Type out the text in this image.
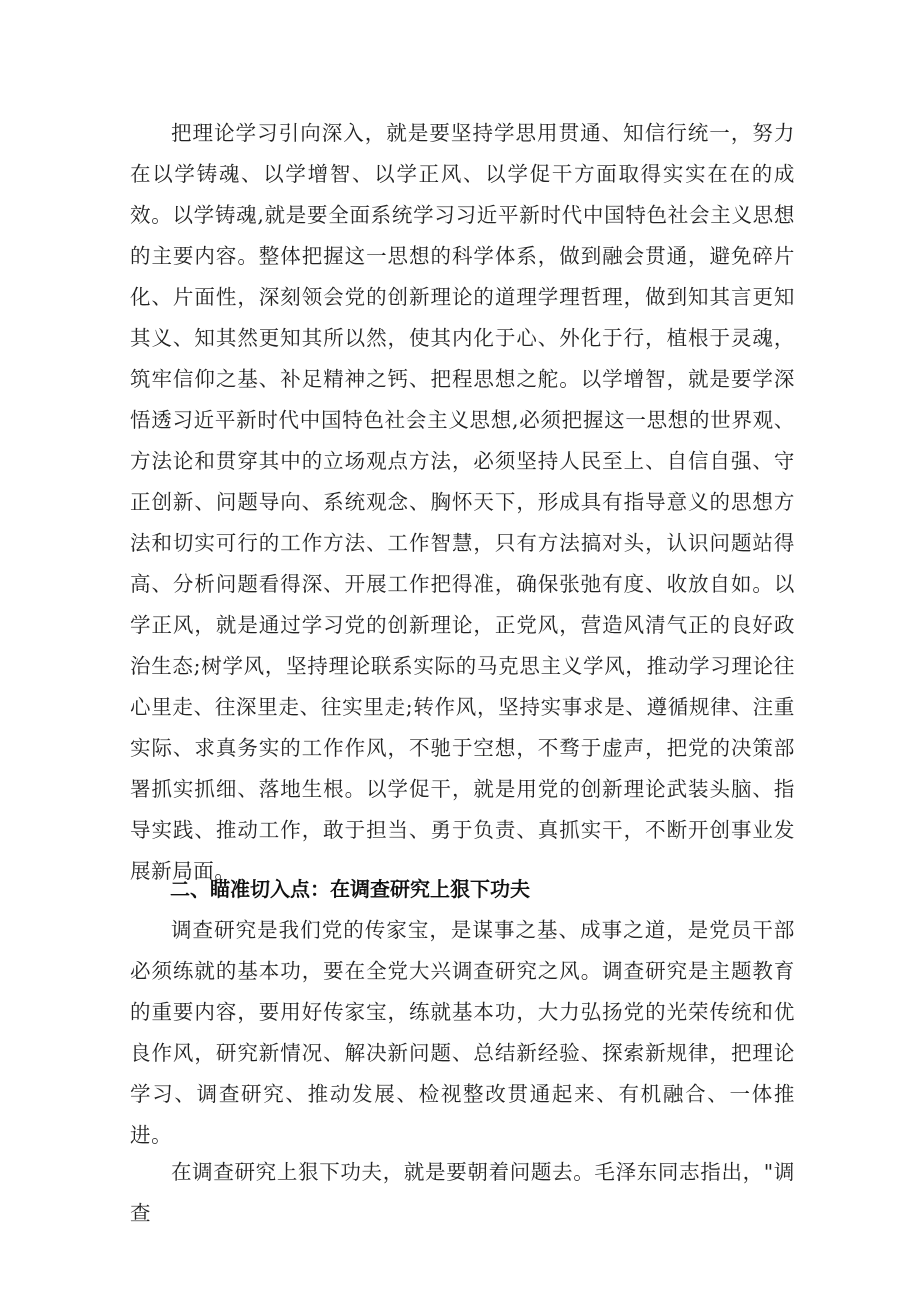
把理论学习引向深入，就是要坚持学思用贯通、知信行统一，努力在以学铸魂、以学增智、以学正风、以学促干方面取得实实在在的成效。以学铸魂,就是要全面系统学习习近平新时代中国特色社会主义思想的主要内容。整体把握这一思想的科学体系，做到融会贯通，避免碎片化、片面性，深刻领会党的创新理论的道理学理哲理，做到知其言更知其义、知其然更知其所以然，使其内化于心、外化于行，植根于灵魂，筑牢信仰之基、补足精神之钙、把程思想之舵。以学增智，就是要学深悟透习近平新时代中国特色社会主义思想,必须把握这一思想的世界观、方法论和贯穿其中的立场观点方法，必须坚持人民至上、自信自强、守正创新、问题导向、系统观念、胸怀天下，形成具有指导意义的思想方法和切实可行的工作方法、工作智慧，只有方法搞对头，认识问题站得高、分析问题看得深、开展工作把得准，确保张弛有度、收放自如。以学正风，就是通过学习党的创新理论，正党风，营造风清气正的良好政治生态;树学风，坚持理论联系实际的马克思主义学风，推动学习理论往心里走、往深里走、往实里走;转作风，坚持实事求是、遵循规律、注重实际、求真务实的工作作风，不驰于空想，不骛于虚声，把党的决策部署抓实抓细、落地生根。以学促干，就是用党的创新理论武装头脑、指导实践、推动工作，敢于担当、勇于负责、真抓实干，不断开创事业发展新局面。

二、瞄准切入点：在调查研究上狠下功夫

调查研究是我们党的传家宝，是谋事之基、成事之道，是党员干部必须练就的基本功，要在全党大兴调查研究之风。调查研究是主题教育的重要内容，要用好传家宝，练就基本功，大力弘扬党的光荣传统和优良作风，研究新情况、解决新问题、总结新经验、探索新规律，把理论学习、调查研究、推动发展、检视整改贯通起来、有机融合、一体推进。

在调查研究上狠下功夫，就是要朝着问题去。毛泽东同志指出，"调查
